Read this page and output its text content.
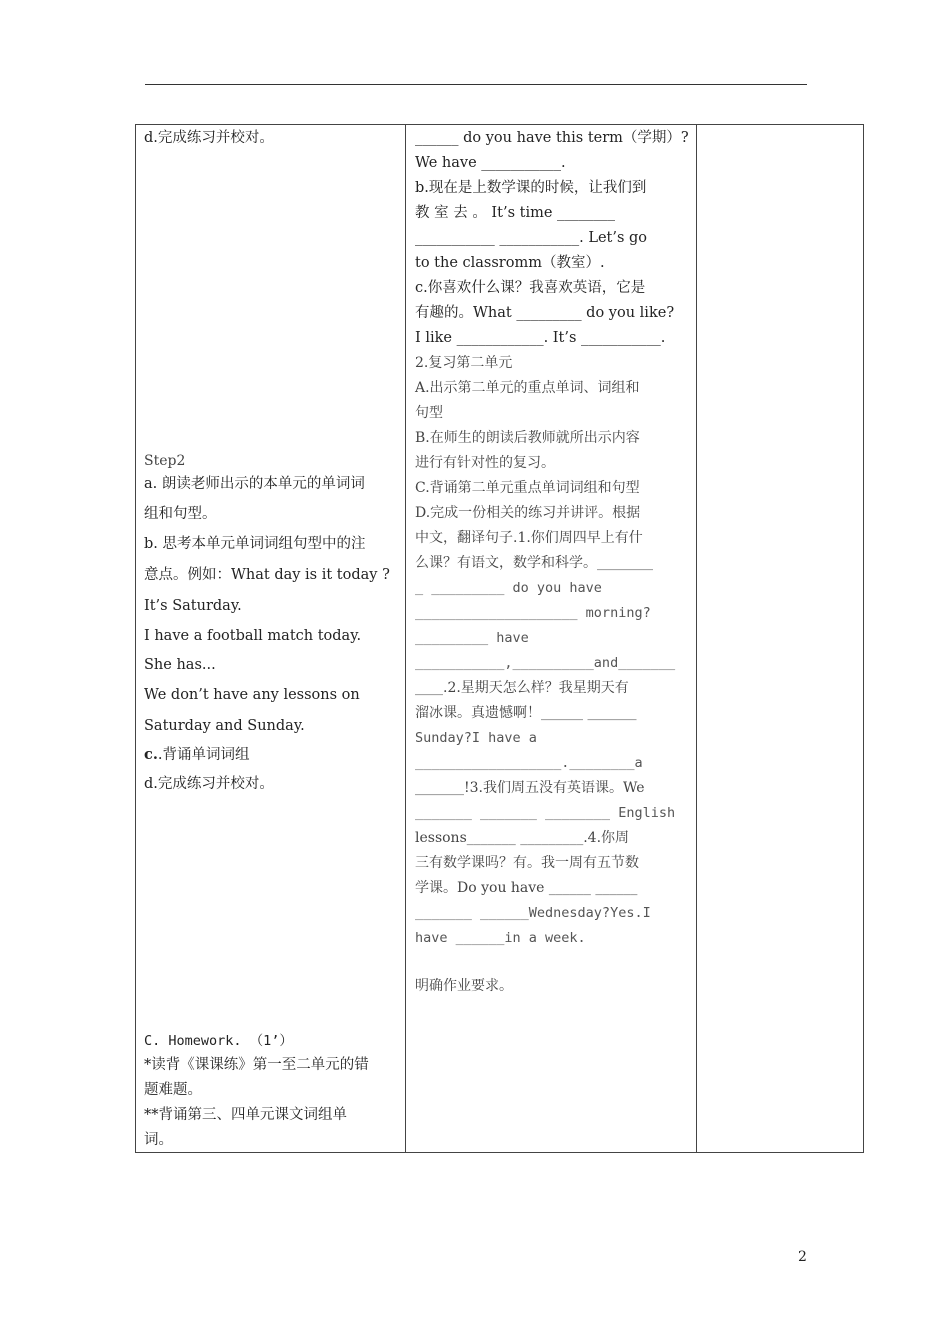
d.完成练习并校对。
Step2
a. 朗读老师出示的本单元的单词词
组和句型。
b. 思考本单元单词词组句型中的注
意点。例如：What day is it today ?
It’s Saturday.
I have a football match today.
She has...
We don’t have any lessons on
Saturday and Sunday.
c..背诵单词词组
d.完成练习并校对。
C. Homework. （1’）
*读背《课课练》第一至二单元的错
题难题。
**背诵第三、四单元课文词组单
词。

______ do you have this term（学期）?
We have ___________.
b.现在是上数学课的时候，让我们到
教 室 去 。 It’s time ________
___________ ___________. Let’s go
to the classromm（教室）.
c.你喜欢什么课？我喜欢英语，它是
有趣的。What _________ do you like?
I like ____________. It’s ___________.
2.复习第二单元
A.出示第二单元的重点单词、词组和
句型
B.在师生的朗读后教师就所出示内容
进行有针对性的复习。
C.背诵第二单元重点单词词组和句型
D.完成一份相关的练习并讲评。根据
中文，翻译句子.1.你们周四早上有什
么课？有语文，数学和科学。________
_ _________ do you have
____________________ morning?
_________ have
___________,__________and_______
____.2.星期天怎么样？我星期天有
溜冰课。真遗憾啊！______ _______
Sunday?I have a
__________________.________a
_______!3.我们周五没有英语课。We
_______ _______ ________ English
lessons_______ _________.4.你周
三有数学课吗？有。我一周有五节数
学课。Do you have ______ ______
_______ ______Wednesday?Yes.I
have ______in a week.
明确作业要求。

2
